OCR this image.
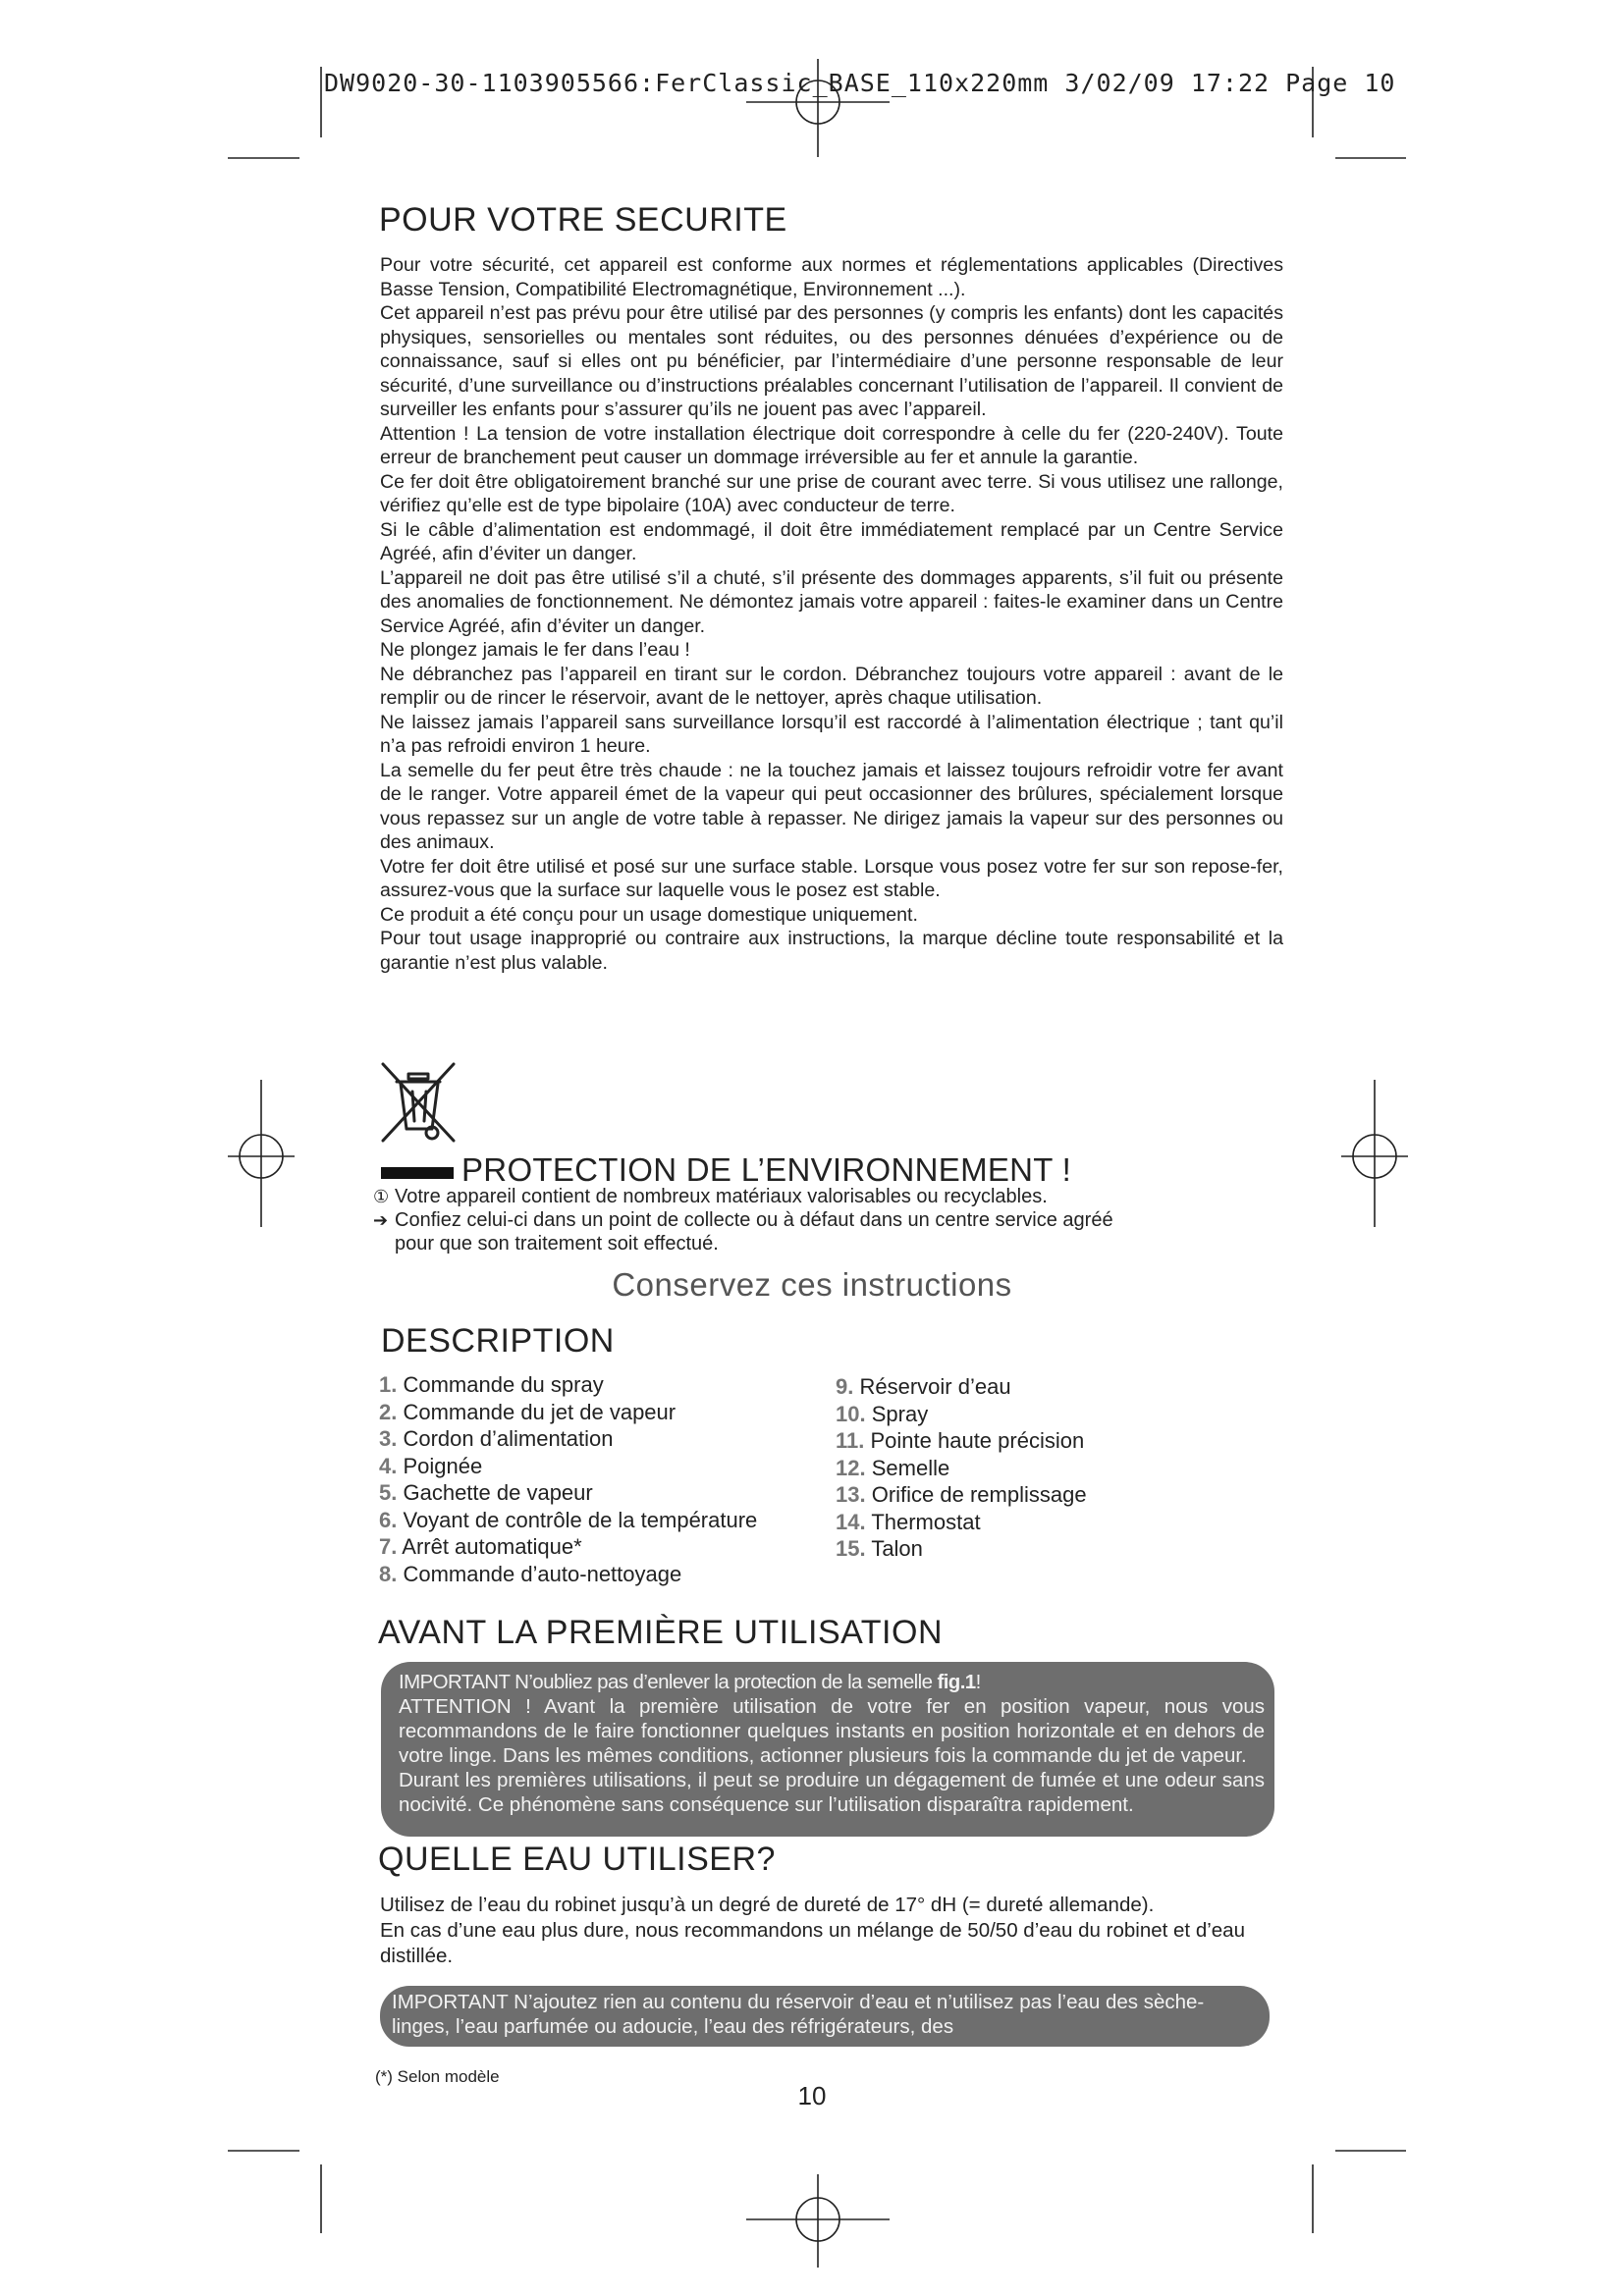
DW9020-30-1103905566:FerClassic_BASE_110x220mm 3/02/09 17:22 Page 10
POUR VOTRE SECURITE

Pour votre sécurité, cet appareil est conforme aux normes et réglementations applicables (Directives Basse Tension, Compatibilité Electromagnétique, Environnement ...).

Cet appareil n’est pas prévu pour être utilisé par des personnes (y compris les enfants) dont les capacités physiques, sensorielles ou mentales sont réduites, ou des personnes dénuées d’expérience ou de connaissance, sauf si elles ont pu bénéficier, par l’intermédiaire d’une personne responsable de leur sécurité, d’une surveillance ou d’instructions préalables concernant l’utilisation de l’appareil. Il convient de surveiller les enfants pour s’assurer qu’ils ne jouent pas avec l’appareil.

Attention ! La tension de votre installation électrique doit correspondre à celle du fer (220-240V). Toute erreur de branchement peut causer un dommage irréversible au fer et annule la garantie.

Ce fer doit être obligatoirement branché sur une prise de courant avec terre. Si vous utilisez une rallonge, vérifiez qu’elle est de type bipolaire (10A) avec conducteur de terre.

Si le câble d’alimentation est endommagé, il doit être immédiatement remplacé par un Centre Service Agréé, afin d’éviter un danger.

L’appareil ne doit pas être utilisé s’il a chuté, s’il présente des dommages apparents, s’il fuit ou présente des anomalies de fonctionnement. Ne démontez jamais votre appareil : faites-le examiner dans un Centre Service Agréé, afin d’éviter un danger.

Ne plongez jamais le fer dans l’eau !

Ne débranchez pas l’appareil en tirant sur le cordon. Débranchez toujours votre appareil : avant de le remplir ou de rincer le réservoir, avant de le nettoyer, après chaque utilisation.

Ne laissez jamais l’appareil sans surveillance lorsqu’il est raccordé à l’alimentation électrique ; tant qu’il n’a pas refroidi environ 1 heure.

La semelle du fer peut être très chaude : ne la touchez jamais et laissez toujours refroidir votre fer avant de le ranger. Votre appareil émet de la vapeur qui peut occasionner des brûlures, spécialement lorsque vous repassez sur un angle de votre table à repasser. Ne dirigez jamais la vapeur sur des personnes ou des animaux.

Votre fer doit être utilisé et posé sur une surface stable. Lorsque vous posez votre fer sur son repose-fer, assurez-vous que la surface sur laquelle vous le posez est stable.

Ce produit a été conçu pour un usage domestique uniquement.

Pour tout usage inapproprié ou contraire aux instructions, la marque décline toute responsabilité et la garantie n’est plus valable.

PROTECTION DE L’ENVIRONNEMENT !
① Votre appareil contient de nombreux matériaux valorisables ou recyclables.
➔ Confiez celui-ci dans un point de collecte ou à défaut dans un centre service agréé
pour que son traitement soit effectué.
Conservez ces instructions
DESCRIPTION
1. Commande du spray
2. Commande du jet de vapeur
3. Cordon d’alimentation
4. Poignée
5. Gachette de vapeur
6. Voyant de contrôle de la température
7. Arrêt automatique*
8. Commande d’auto-nettoyage
9. Réservoir d’eau
10. Spray
11. Pointe haute précision
12. Semelle
13. Orifice de remplissage
14. Thermostat
15. Talon
AVANT LA PREMIÈRE UTILISATION

IMPORTANT N’oubliez pas d’enlever la protection de la semelle fig.1!

ATTENTION ! Avant la première utilisation de votre fer en position vapeur, nous vous recommandons de le faire fonctionner quelques instants en position horizontale et en dehors de votre linge. Dans les mêmes conditions, actionner plusieurs fois la commande du jet de vapeur.

Durant les premières utilisations, il peut se produire un dégagement de fumée et une odeur sans nocivité. Ce phénomène sans conséquence sur l’utilisation disparaîtra rapidement.

QUELLE EAU UTILISER?

Utilisez de l’eau du robinet jusqu’à un degré de dureté de 17° dH (= dureté allemande).

En cas d’une eau plus dure, nous recommandons un mélange de 50/50 d’eau du robinet et d’eau distillée.

IMPORTANT N’ajoutez rien au contenu du réservoir d’eau et n’utilisez pas l’eau des sèche-linges, l’eau parfumée ou adoucie, l’eau des réfrigérateurs, des

(*) Selon modèle
10
